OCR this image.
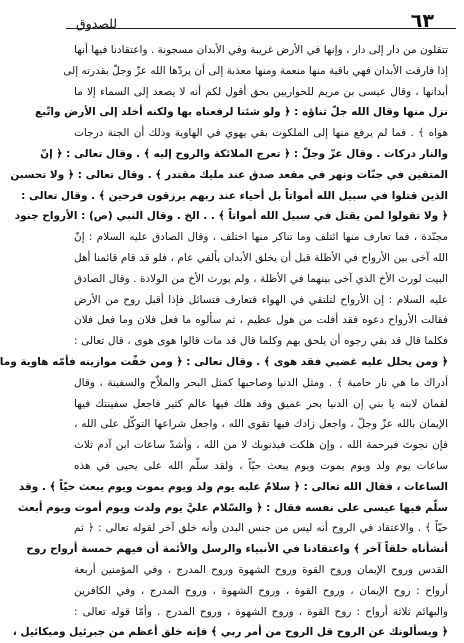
٦٣
للصدوق
تتقلون من دار إلى دار ، وإنها في الأرض غريبة وفي الأبدان مسجونة . واعتقادنا فيها أنها
إذا فارقت الأبدان فهي باقية منها منعمة ومنها معذبة إلى أن يردّها الله عزّ وجلّ بقدرته إلى
أبدانها ، وقال عيسى بن مريم للحواريين بحق أقول لكم أنه لا يصعد إلى السماء إلا ما
نزل منها وقال الله جلّ ثناؤه : ﴿ ولو شئنا لرفعناه بها ولكنه أخلد إلى الأرض واتّبع
هواه ﴾ . فما لم يرفع منها إلى الملكوت بقي يهوي في الهاوية وذلك أن الجنة درجات
والنار دركات . وقال عزّ وجلّ : ﴿ تعرج الملائكة والروح إليه ﴾ . وقال تعالى : ﴿ إنّ
المتقين في جنّات ونهر في مقعد صدق عند مليك مقتدر ﴾ . وقال تعالى : ﴿ ولا تحسبن
الذين قتلوا في سبيل الله أمواتاً بل أحياء عند ربهم يرزقون فرحين ﴾ . وقال تعالى :
﴿ ولا تقولوا لمن يقتل في سبيل الله أمواتاً ﴾ . . الخ . وقال النبي (ص) : الأرواح جنود
مجنّدة ، فما تعارف منها ائتلف وما تناكر منها اختلف ، وقال الصادق عليه السلام : إنّ
الله آخى بين الأرواح في الأظلة قبل أن يخلق الأبدان بألفي عام ، فلو قد قام قائمنا أهل
البيت لورث الأخ الذي آخى بينهما في الأظلة ، ولم يورث الأخ من الولادة . وقال الصادق
عليه السلام : إن الأرواح لتلتقي في الهواء فتعارف فتسائل فإذا أقبل روح من الأرض
فقالت الأرواح دعوه فقد أفلت من هول عظيم ، ثم سألوه ما فعل فلان وما فعل فلان
فكلما قال قد بقي رجوه أن يلحق بهم وكلما قال قد مات قالوا هوى هوى ، قال تعالى :
﴿ ومن يحلل عليه غضبي فقد هوى ﴾ . وقال تعالى : ﴿ ومن خفّت موازينه فأمّه هاوية وما
أدراك ما هي نار حامية ﴾ . ومثل الدنيا وصاحبها كمثل البحر والملاّح والسفينة ، وقال
لقمان لابنه يا بني إن الدنيا بحر عميق وقد هلك فيها عالم كثير فاجعل سفينتك فيها
الإيمان بالله عزّ وجلّ ، واجعل زادك فيها تقوى الله ، واجعل شراعها التوكّل على الله ،
فإن نجوتَ فبرحمة الله ، وإن هلكت فبذنوبك لا من الله ، وأشدّ ساعات ابن آدم ثلاث
ساعات يوم ولد ويوم يموت ويوم يبعث حيّاً ، ولقد سلّم الله على يحيى في هذه
الساعات ، فقال الله تعالى : ﴿ سلامٌ عليه يوم ولد ويوم يموت ويوم يبعث حيّاً ﴾ . وقد
سلّم فيها عيسى على نفسه فقال : ﴿ والسّلام عليَّ يوم ولدت ويوم أموت ويوم أبعث
حيّاً ﴾ . والاعتقاد في الروح أنه ليس من جنس البدن وأنه خلق آخر لقوله تعالى : ﴿ ثم
أنشأناه خلقاً آخر ﴾ واعتقادنا في الأنبياء والرسل والأئمة أن فيهم خمسة أرواح روح
القدس وروح الإيمان وروح القوة وروح الشهوة وروح المدرج ، وفي المؤمنين أربعة
أرواح : روح الإيمان ، وروح القوة ، وروح الشهوة ، وروح المدرج ، وفي الكافرين
والبهائم ثلاثة أرواح : روح القوة ، وروح الشهوة ، وروح المدرج . وأمّا قوله تعالى :
﴿ ويسألونك عن الروح قل الروح من أمر ربي ﴾ فإنه خلق أعظم من جبرئيل وميكائيل ،
